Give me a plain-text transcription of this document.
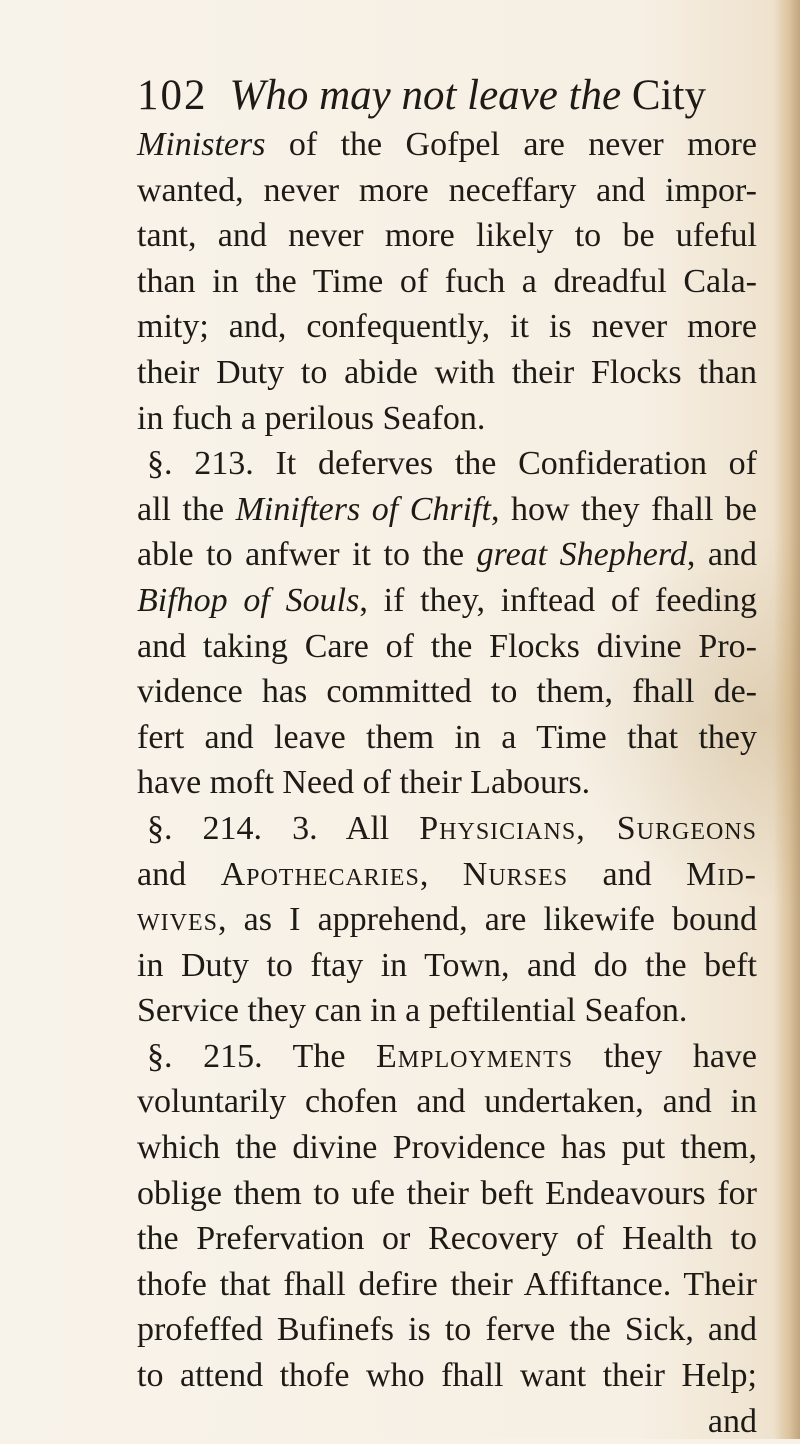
102 Who may not leave the City
Ministers of the Gofpel are never more
wanted, never more neceffary and impor-
tant, and never more likely to be ufeful
than in the Time of fuch a dreadful Cala-
mity; and, confequently, it is never more
their Duty to abide with their Flocks than
in fuch a perilous Seafon.
§. 213. It deferves the Confideration of
all the Minifters of Chrift, how they fhall be
able to anfwer it to the great Shepherd, and
Bifhop of Souls, if they, inftead of feeding
and taking Care of the Flocks divine Pro-
vidence has committed to them, fhall de-
fert and leave them in a Time that they
have moft Need of their Labours.
§. 214. 3. All Physicians, Surgeons
and Apothecaries, Nurses and Mid-
wives, as I apprehend, are likewife bound
in Duty to ftay in Town, and do the beft
Service they can in a peftilential Seafon.
§. 215. The Employments they have
voluntarily chofen and undertaken, and in
which the divine Providence has put them,
oblige them to ufe their beft Endeavours for
the Prefervation or Recovery of Health to
thofe that fhall defire their Affiftance. Their
profeffed Bufinefs is to ferve the Sick, and
to attend thofe who fhall want their Help;
and
